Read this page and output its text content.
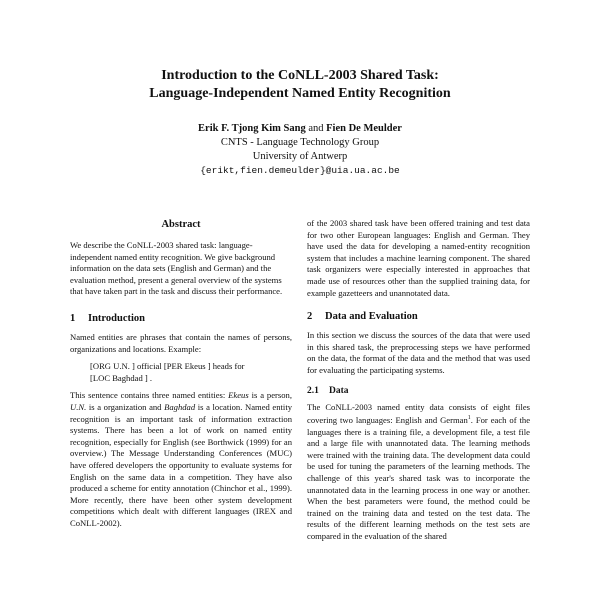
Introduction to the CoNLL-2003 Shared Task:
Language-Independent Named Entity Recognition
Erik F. Tjong Kim Sang and Fien De Meulder
CNTS - Language Technology Group
University of Antwerp
{erikt,fien.demeulder}@uia.ua.ac.be
Abstract

We describe the CoNLL-2003 shared task: language-independent named entity recognition. We give background information on the data sets (English and German) and the evaluation method, present a general overview of the systems that have taken part in the task and discuss their performance.

1 Introduction

Named entities are phrases that contain the names of persons, organizations and locations. Example:

[ORG U.N. ] official [PER Ekeus ] heads for
[LOC Baghdad ] .

This sentence contains three named entities: Ekeus is a person, U.N. is a organization and Baghdad is a location. Named entity recognition is an important task of information extraction systems. There has been a lot of work on named entity recognition, especially for English (see Borthwick (1999) for an overview.) The Message Understanding Conferences (MUC) have offered developers the opportunity to evaluate systems for English on the same data in a competition. They have also produced a scheme for entity annotation (Chinchor et al., 1999). More recently, there have been other system development competitions which dealt with different languages (IREX and CoNLL-2002).

of the 2003 shared task have been offered training and test data for two other European languages: English and German. They have used the data for developing a named-entity recognition system that includes a machine learning component. The shared task organizers were especially interested in approaches that made use of resources other than the supplied training data, for example gazetteers and unannotated data.

2 Data and Evaluation

In this section we discuss the sources of the data that were used in this shared task, the preprocessing steps we have performed on the data, the format of the data and the method that was used for evaluating the participating systems.

2.1 Data

The CoNLL-2003 named entity data consists of eight files covering two languages: English and German$^1$. For each of the languages there is a training file, a development file, a test file and a large file with unannotated data. The learning methods were trained with the training data. The development data could be used for tuning the parameters of the learning methods. The challenge of this year's shared task was to incorporate the unannotated data in the learning process in one way or another. When the best parameters were found, the method could be trained on the training data and tested on the test data. The results of the different learning methods on the test sets are compared in the evaluation of the shared
